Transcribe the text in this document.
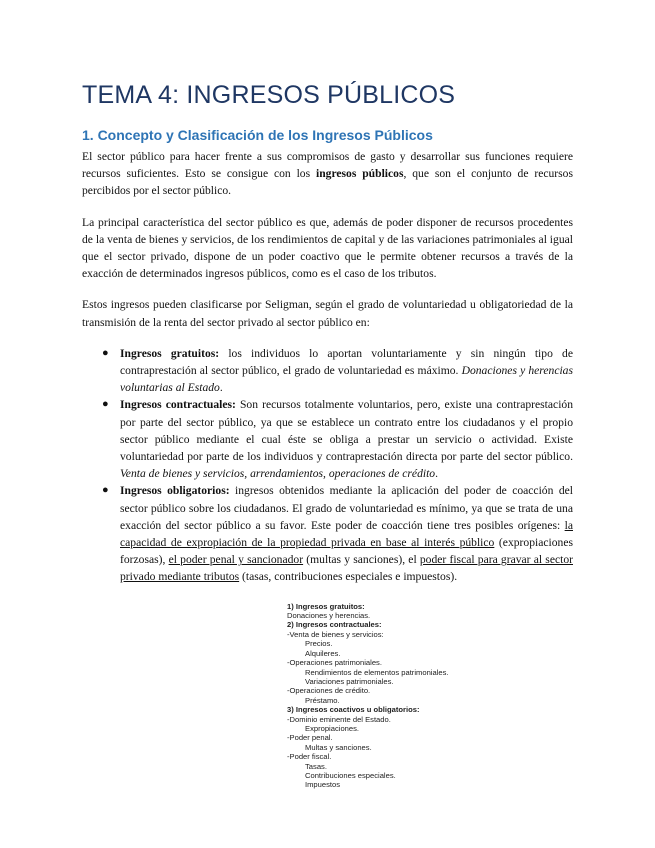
TEMA 4: INGRESOS PÚBLICOS
1. Concepto y Clasificación de los Ingresos Públicos

El sector público para hacer frente a sus compromisos de gasto y desarrollar sus funciones requiere recursos suficientes. Esto se consigue con los ingresos públicos, que son el conjunto de recursos percibidos por el sector público.

La principal característica del sector público es que, además de poder disponer de recursos procedentes de la venta de bienes y servicios, de los rendimientos de capital y de las variaciones patrimoniales al igual que el sector privado, dispone de un poder coactivo que le permite obtener recursos a través de la exacción de determinados ingresos públicos, como es el caso de los tributos.

Estos ingresos pueden clasificarse por Seligman, según el grado de voluntariedad u obligatoriedad de la transmisión de la renta del sector privado al sector público en:

● Ingresos gratuitos: los individuos lo aportan voluntariamente y sin ningún tipo de contraprestación al sector público, el grado de voluntariedad es máximo. Donaciones y herencias voluntarias al Estado.
● Ingresos contractuales: Son recursos totalmente voluntarios, pero, existe una contraprestación por parte del sector público, ya que se establece un contrato entre los ciudadanos y el propio sector público mediante el cual éste se obliga a prestar un servicio o actividad. Existe voluntariedad por parte de los individuos y contraprestación directa por parte del sector público. Venta de bienes y servicios, arrendamientos, operaciones de crédito.
● Ingresos obligatorios: ingresos obtenidos mediante la aplicación del poder de coacción del sector público sobre los ciudadanos. El grado de voluntariedad es mínimo, ya que se trata de una exacción del sector público a su favor. Este poder de coacción tiene tres posibles orígenes: la capacidad de expropiación de la propiedad privada en base al interés público (expropiaciones forzosas), el poder penal y sancionador (multas y sanciones), el poder fiscal para gravar al sector privado mediante tributos (tasas, contribuciones especiales e impuestos).
1) Ingresos gratuitos:
Donaciones y herencias.
2) Ingresos contractuales:
-Venta de bienes y servicios:
Precios.
Alquileres.
-Operaciones patrimoniales.
Rendimientos de elementos patrimoniales.
Variaciones patrimoniales.
-Operaciones de crédito.
Préstamo.
3) Ingresos coactivos u obligatorios:
-Dominio eminente del Estado.
Expropiaciones.
-Poder penal.
Multas y sanciones.
-Poder fiscal.
Tasas.
Contribuciones especiales.
Impuestos
